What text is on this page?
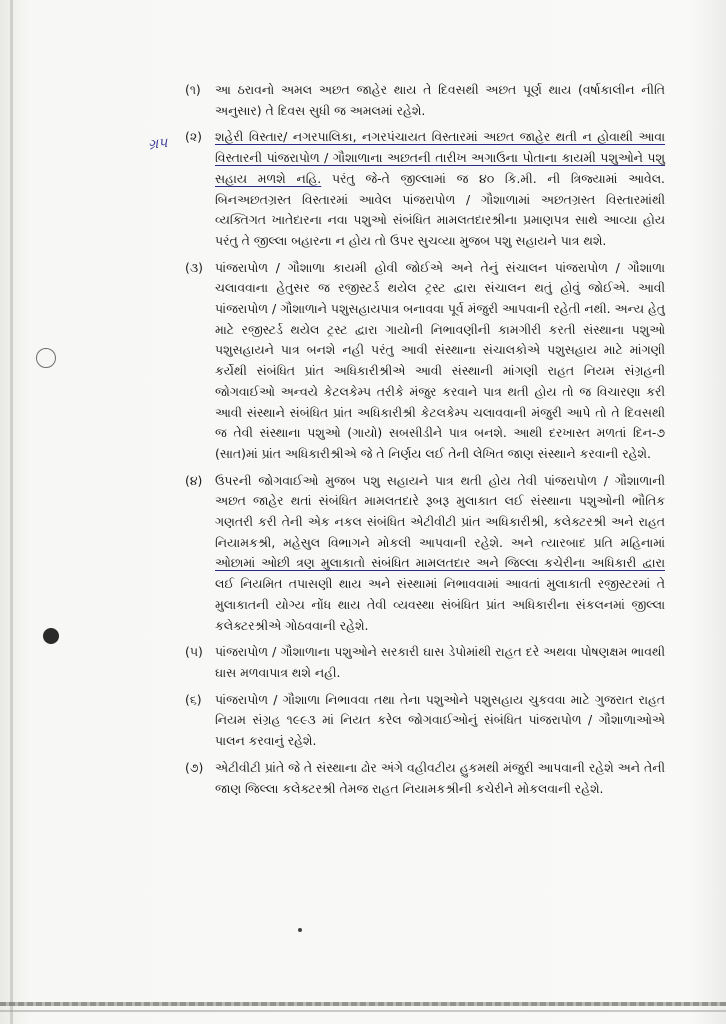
ગ્ર૫
(૧)	આ ઠરાવનો અમલ અછત જાહેર થાય તે દિવસથી અછત પૂર્ણ થાય (વર્ષાકાલીન નીતિ અનુસાર) તે દિવસ સુધી જ અમલમાં રહેશે.
(૨)	શહેરી વિસ્તાર/ નગરપાલિકા, નગરપંચાયત વિસ્તારમાં અછત જાહેર થતી ન હોવાથી આવા વિસ્તારની પાંજરાપોળ / ગૌશાળાના અછતની તારીખ અગાઉના પોતાના કાયમી પશુઓને પશુ સહાય મળશે નહિ. પરંતુ જે-તે જીલ્લામાં જ ૪૦ કિ.મી. ની ત્રિજ્યામાં આવેલ. બિનઅછતગ્રસ્ત વિસ્તારમાં આવેલ પાંજરાપોળ / ગૌશાળામાં અછતગ્રસ્ત વિસ્તારમાંથી વ્યક્તિગત ખાતેદારના નવા પશુઓ સંબંધિત મામલતદારશ્રીના પ્રમાણપત્ર સાથે આવ્યા હોય પરંતુ તે જીલ્લા બહારના ન હોય તો ઉપર સુચવ્યા મુજબ પશુ સહાયને પાત્ર થશે.
(૩) પાંજરાપોળ / ગૌશાળા કાયમી હોવી જોઈએ અને તેનું સંચાલન પાંજરાપોળ / ગૌશાળા ચલાવવાના હેતુસર જ રજીસ્ટર્ડ થયેલ ટ્રસ્ટ દ્વારા સંચાલન થતું હોવું જોઈએ. આવી પાંજરાપોળ / ગૌશાળાને પશુસહાયપાત્ર બનાવવા પૂર્વ મંજુરી આપવાની રહેતી નથી. અન્ય હેતુ માટે રજીસ્ટર્ડ થયેલ ટ્રસ્ટ દ્વારા ગાયોની નિભાવણીની કામગીરી કરતી સંસ્થાના પશુઓ પશુસહાયને પાત્ર બનશે નહી પરંતુ આવી સંસ્થાના સંચાલકોએ પશુસહાય માટે માંગણી કર્યેથી સંબંધિત પ્રાંત અધિકારીશ્રીએ આવી સંસ્થાની માંગણી રાહત નિયમ સંગ્રહની જોગવાઈઓ અન્વયે કેટલકેમ્પ તરીકે મંજુર કરવાને પાત્ર થતી હોય તો જ વિચારણા કરી આવી સંસ્થાને સંબંધિત પ્રાંત અધિકારીશ્રી કેટલકેમ્પ ચલાવવાની મંજુરી આપે તો તે દિવસથી જ તેવી સંસ્થાના પશુઓ (ગાયો) સબસીડીને પાત્ર બનશે. આથી દરખાસ્ત મળતાં દિન-૭ (સાત)માં પ્રાંત અધિકારીશ્રીએ જે તે નિર્ણય લઈ તેની લેખિત જાણ સંસ્થાને કરવાની રહેશે.
(૪)	ઉપરની જોગવાઈઓ મુજબ પશુ સહાયને પાત્ર થતી હોય તેવી પાંજરાપોળ / ગૌશાળાની અછત જાહેર થતાં સંબંધિત મામલતદારે રૂબરૂ મુલાકાત લઈ સંસ્થાના પશુઓની ભૌતિક ગણતરી કરી તેની એક નકલ સંબંધિત એટીવીટી પ્રાંત અધિકારીશ્રી, કલેક્ટરશ્રી અને રાહત નિયામકશ્રી, મહેસુલ વિભાગને મોકલી આપવાની રહેશે. અને ત્યારબાદ પ્રતિ મહિનામાં ઓછામાં ઓછી ત્રણ મુલાકાતો સંબંધિત મામલતદાર અને જિલ્લા કચેરીના અધિકારી દ્વારા લઈ નિયમિત તપાસણી થાય અને સંસ્થામાં નિભાવવામાં આવતાં મુલાકાતી રજીસ્ટરમાં તે મુલાકાતની યોગ્ય નોંધ થાય તેવી વ્યવસ્થા સંબંધિત પ્રાંત અધિકારીના સંકલનમાં જીલ્લા કલેક્ટરશ્રીએ ગોઠવવાની રહેશે.
(૫) પાંજરાપોળ / ગૌશાળાના પશુઓને સરકારી ઘાસ ડેપોમાંથી રાહત દરે અથવા પોષણક્ષમ ભાવથી ઘાસ મળવાપાત્ર થશે નહી.
(૬)	પાંજરાપોળ / ગૌશાળા નિભાવવા તથા તેના પશુઓને પશુસહાય ચુકવવા માટે ગુજરાત રાહત નિયમ સંગ્રહ ૧૯૯૩ માં નિયત કરેલ જોગવાઈઓનું સંબંધિત પાંજરાપોળ / ગૌશાળાઓએ પાલન કરવાનું રહેશે.
(૭) એટીવીટી પ્રાંતે જે તે સંસ્થાના ઢોર અંગે વહીવટીય હુકમથી મંજુરી આપવાની રહેશે અને તેની જાણ જિલ્લા કલેક્ટરશ્રી તેમજ રાહત નિયામકશ્રીની કચેરીને મોકલવાની રહેશે.
